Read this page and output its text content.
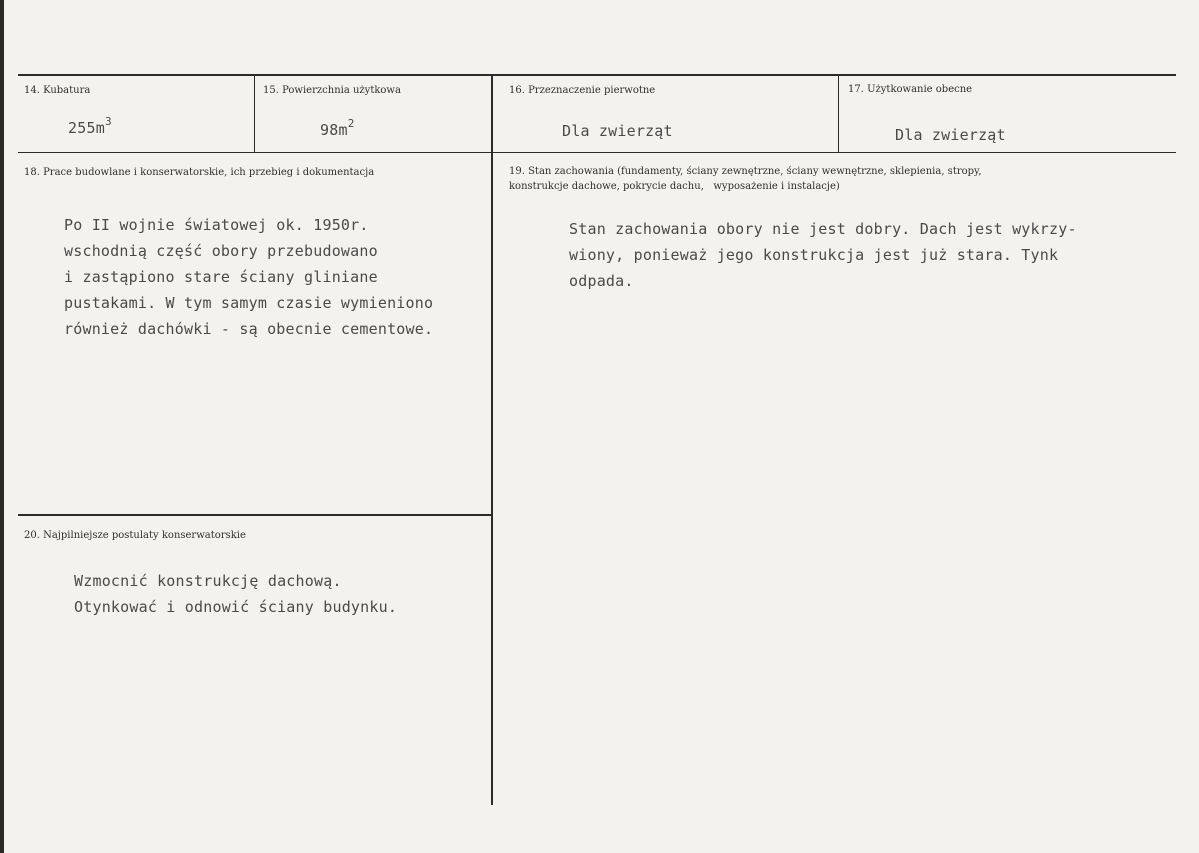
14. Kubatura
$255m^3$
15. Powierzchnia użytkowa
$98m^2$
16. Przeznaczenie pierwotne
Dla zwierząt
17. Użytkowanie obecne
Dla zwierząt
18. Prace budowlane i konserwatorskie, ich przebieg i dokumentacja
Po II wojnie światowej ok. 1950r.
wschodnią część obory przebudowano
i zastąpiono stare ściany gliniane
pustakami. W tym samym czasie wymieniono
również dachówki - są obecnie cementowe.
19. Stan zachowania (fundamenty, ściany zewnętrzne, ściany wewnętrzne, sklepienia, stropy,
konstrukcje dachowe, pokrycie dachu,   wyposażenie i instalacje)
Stan zachowania obory nie jest dobry. Dach jest wykrzy-
wiony, ponieważ jego konstrukcja jest już stara. Tynk
odpada.
20. Najpilniejsze postulaty konserwatorskie
Wzmocnić konstrukcję dachową.
Otynkować i odnowić ściany budynku.
